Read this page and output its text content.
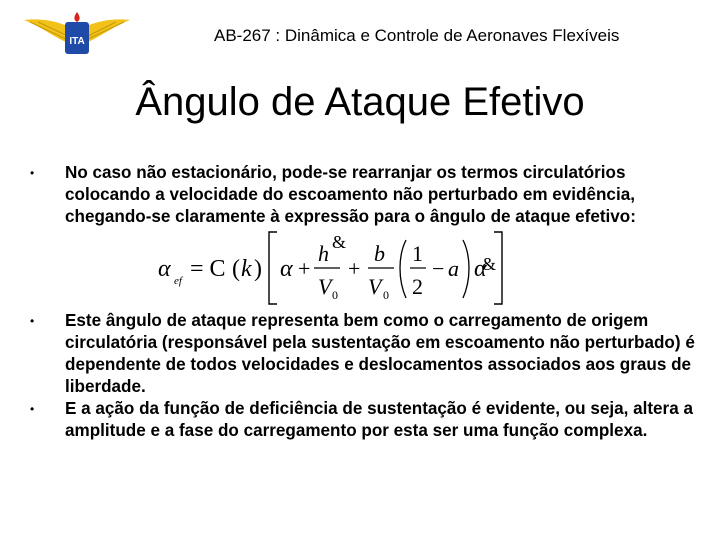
ITA	AB-267 : Dinâmica e Controle de Aeronaves Flexíveis
Ângulo de Ataque Efetivo
• No caso não estacionário, pode-se rearranjar os termos circulatórios colocando a velocidade do escoamento não perturbado em evidência, chegando-se claramente à expressão para o ângulo de ataque efetivo:
α ef = C ( k ) α +
h &
V 0
+
b
V 0
1
2
− a α
&
• Este ângulo de ataque representa bem como o carregamento de origem circulatória (responsável pela sustentação em escoamento não perturbado) é dependente de todos velocidades e deslocamentos associados aos graus de liberdade.
• E a ação da função de deficiência de sustentação é evidente, ou seja, altera a amplitude e a fase do carregamento por esta ser uma função complexa.
